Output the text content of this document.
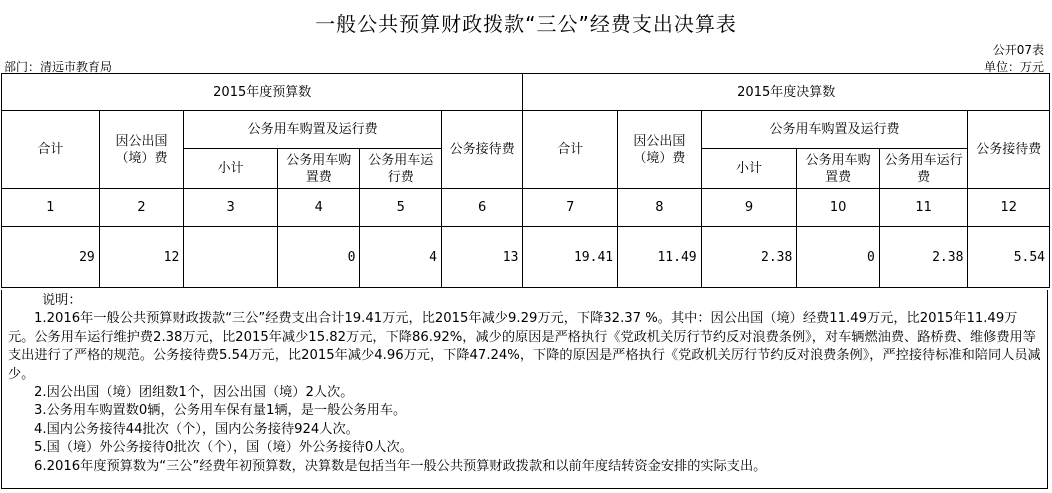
一般公共预算财政拨款“三公”经费支出决算表
公开07表
部门：清远市教育局	单位：万元
2015年度预算数						2015年度决算数					
合计	因公出国（境）费	公务用车购置及运行费			公务接待费	合计	因公出国（境）费	公务用车购置及运行费			公务接待费
		小计	公务用车购置费	公务用车运行费				小计	公务用车购置费	公务用车运行费	
1	2	3	4	5	6	7	8	9	10	11	12
29	12		0	4	13	19.41	11.49	2.38	0	2.38	5.54

说明：

1.2016年一般公共预算财政拨款“三公”经费支出合计19.41万元，比2015年减少9.29万元，下降32.37 %。其中：因公出国（境）经费11.49万元，比2015年11.49万元。公务用车运行维护费2.38万元，比2015年减少15.82万元，下降86.92%，减少的原因是严格执行《党政机关厉行节约反对浪费条例》，对车辆燃油费、路桥费、维修费用等支出进行了严格的规范。公务接待费5.54万元，比2015年减少4.96万元，下降47.24%，下降的原因是严格执行《党政机关厉行节约反对浪费条例》，严控接待标准和陪同人员减少。

2.因公出国（境）团组数1个，因公出国（境）2人次。

3.公务用车购置数0辆，公务用车保有量1辆，是一般公务用车。

4.国内公务接待44批次（个），国内公务接待924人次。

5.国（境）外公务接待0批次（个），国（境）外公务接待0人次。

6.2016年度预算数为“三公”经费年初预算数，决算数是包括当年一般公共预算财政拨款和以前年度结转资金安排的实际支出。
